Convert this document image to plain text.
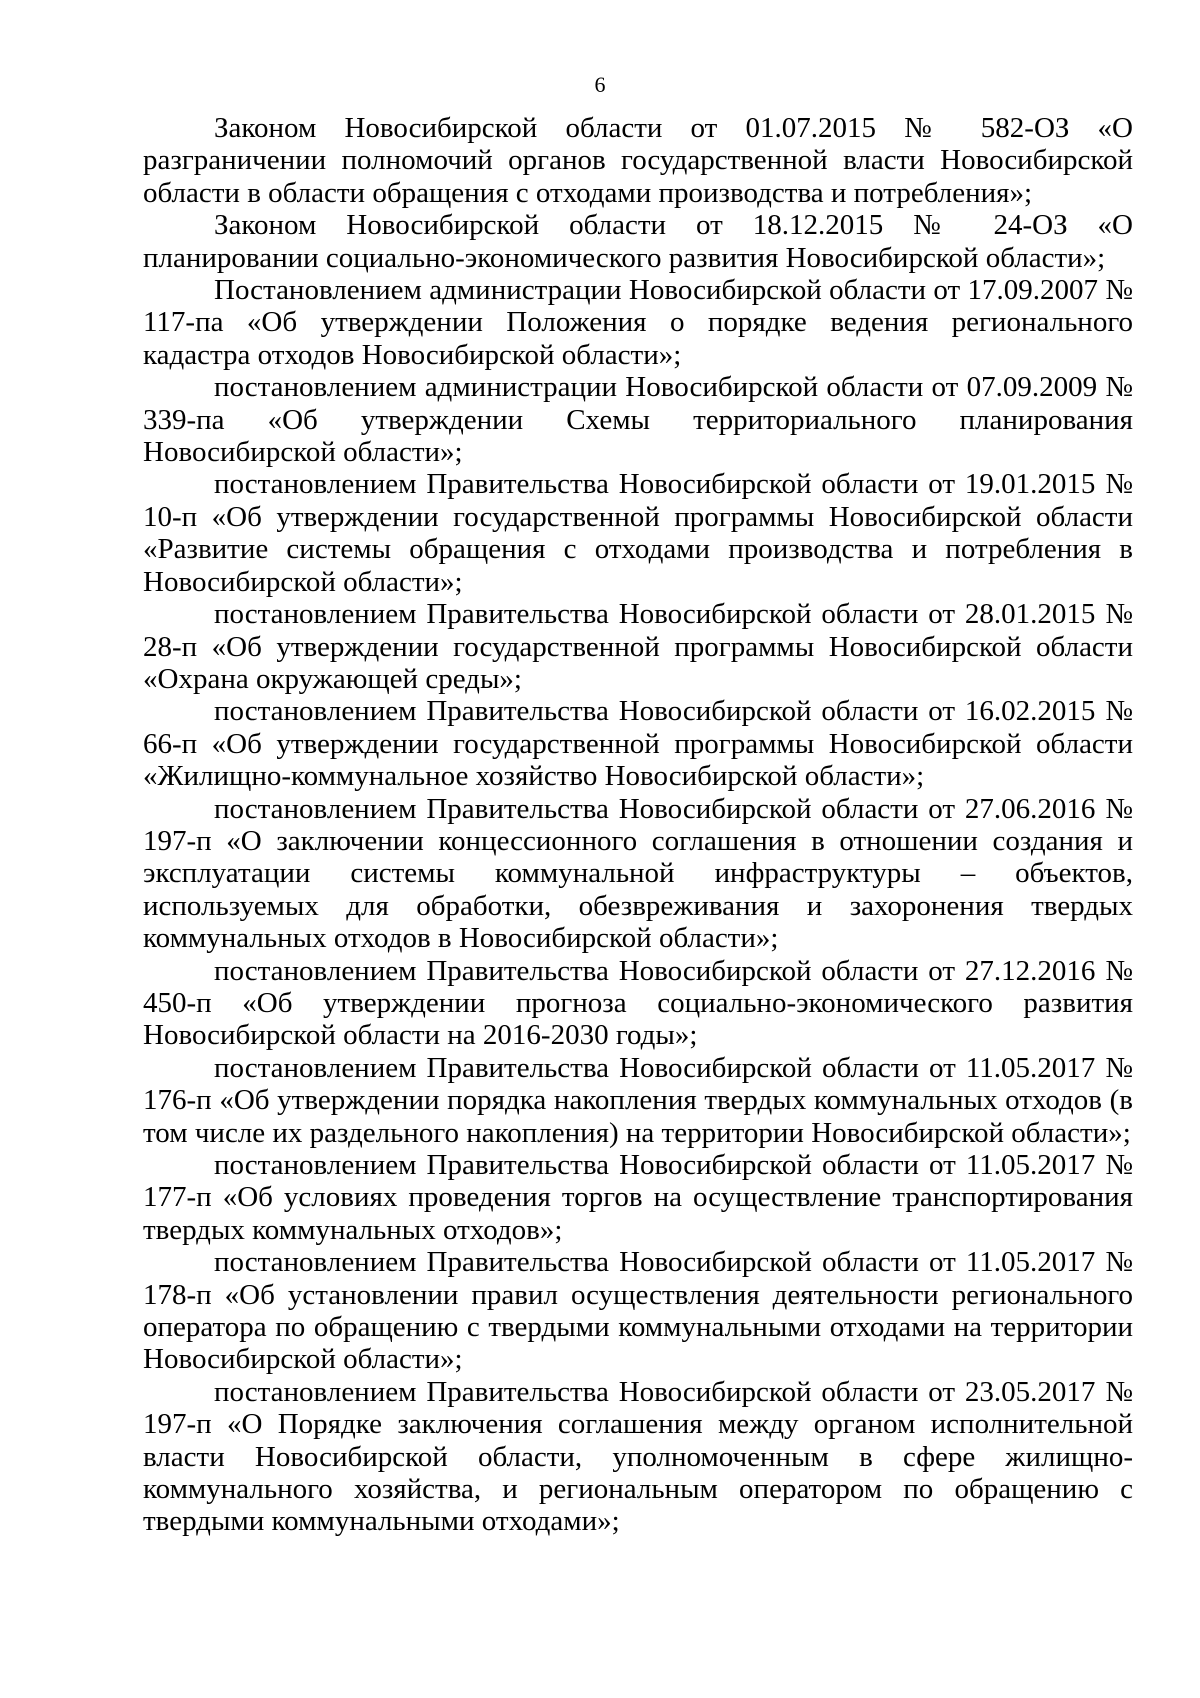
6

Законом Новосибирской области от 01.07.2015 № 582-ОЗ «О разграничении полномочий органов государственной власти Новосибирской области в области обращения с отходами производства и потребления»;

Законом Новосибирской области от 18.12.2015 № 24-ОЗ «О планировании социально-экономического развития Новосибирской области»;

Постановлением администрации Новосибирской области от 17.09.2007 № 117-па «Об утверждении Положения о порядке ведения регионального кадастра отходов Новосибирской области»;

постановлением администрации Новосибирской области от 07.09.2009 № 339-па «Об утверждении Схемы территориального планирования Новосибирской области»;

постановлением Правительства Новосибирской области от 19.01.2015 № 10-п «Об утверждении государственной программы Новосибирской области «Развитие системы обращения с отходами производства и потребления в Новосибирской области»;

постановлением Правительства Новосибирской области от 28.01.2015 № 28-п «Об утверждении государственной программы Новосибирской области «Охрана окружающей среды»;

постановлением Правительства Новосибирской области от 16.02.2015 № 66-п «Об утверждении государственной программы Новосибирской области «Жилищно-коммунальное хозяйство Новосибирской области»;

постановлением Правительства Новосибирской области от 27.06.2016 № 197-п «О заключении концессионного соглашения в отношении создания и эксплуатации системы коммунальной инфраструктуры – объектов, используемых для обработки, обезвреживания и захоронения твердых коммунальных отходов в Новосибирской области»;

постановлением Правительства Новосибирской области от 27.12.2016 № 450-п «Об утверждении прогноза социально-экономического развития Новосибирской области на 2016-2030 годы»;

постановлением Правительства Новосибирской области от 11.05.2017 № 176-п «Об утверждении порядка накопления твердых коммунальных отходов (в том числе их раздельного накопления) на территории Новосибирской области»;

постановлением Правительства Новосибирской области от 11.05.2017 № 177-п «Об условиях проведения торгов на осуществление транспортирования твердых коммунальных отходов»;

постановлением Правительства Новосибирской области от 11.05.2017 № 178-п «Об установлении правил осуществления деятельности регионального оператора по обращению с твердыми коммунальными отходами на территории Новосибирской области»;

постановлением Правительства Новосибирской области от 23.05.2017 № 197-п «О Порядке заключения соглашения между органом исполнительной власти Новосибирской области, уполномоченным в сфере жилищно-коммунального хозяйства, и региональным оператором по обращению с твердыми коммунальными отходами»;
